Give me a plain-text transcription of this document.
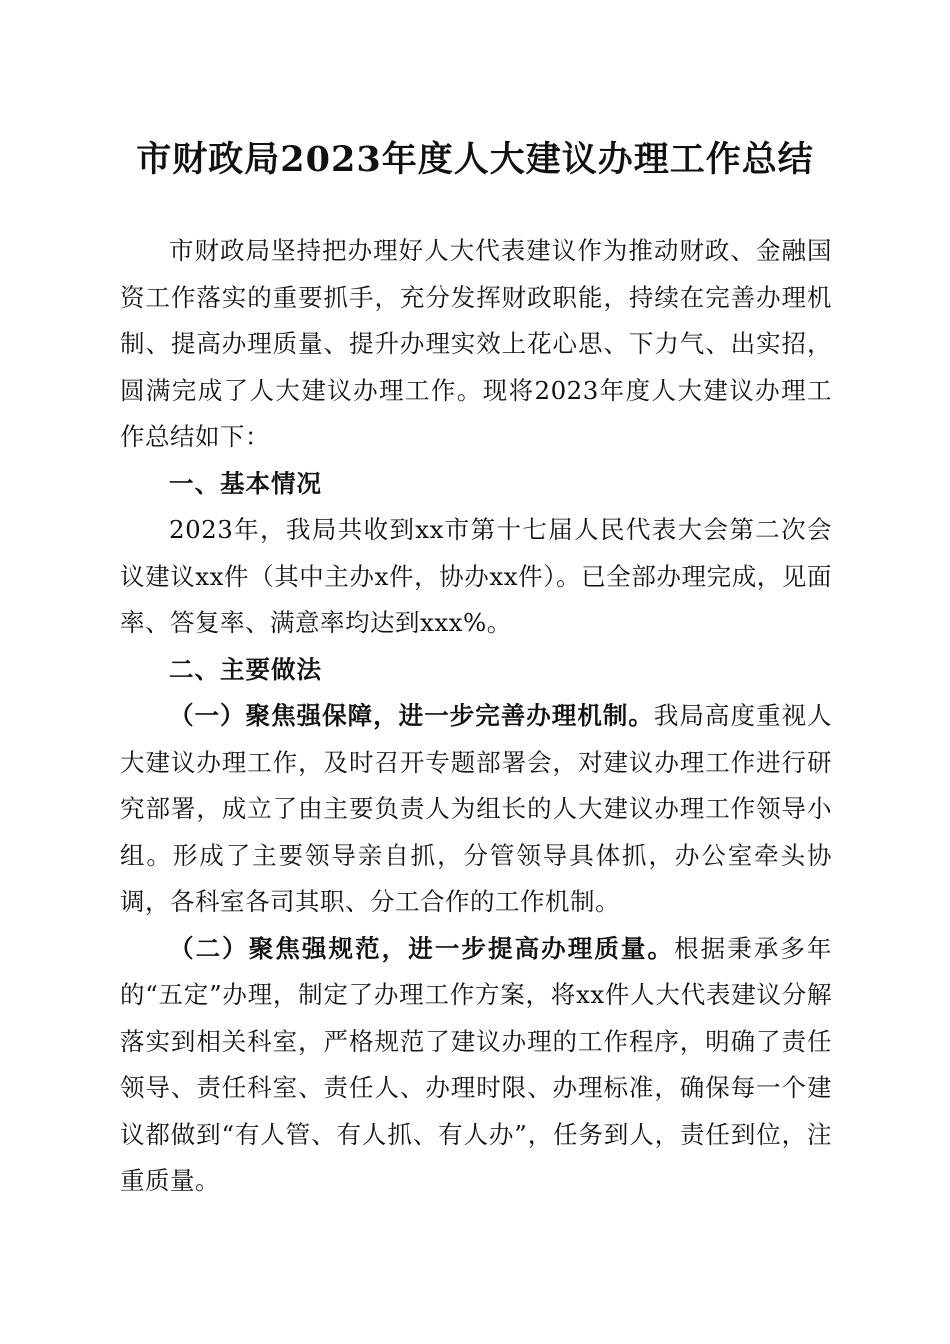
市财政局2023年度人大建议办理工作总结

市财政局坚持把办理好人大代表建议作为推动财政、金融国资工作落实的重要抓手，充分发挥财政职能，持续在完善办理机制、提高办理质量、提升办理实效上花心思、下力气、出实招，圆满完成了人大建议办理工作。现将2023年度人大建议办理工作总结如下：

一、基本情况

2023年，我局共收到xx市第十七届人民代表大会第二次会议建议xx件（其中主办x件，协办xx件）。已全部办理完成，见面率、答复率、满意率均达到xxx%。

二、主要做法

（一）聚焦强保障，进一步完善办理机制。我局高度重视人大建议办理工作，及时召开专题部署会，对建议办理工作进行研究部署，成立了由主要负责人为组长的人大建议办理工作领导小组。形成了主要领导亲自抓，分管领导具体抓，办公室牵头协调，各科室各司其职、分工合作的工作机制。

（二）聚焦强规范，进一步提高办理质量。根据秉承多年的“五定”办理，制定了办理工作方案，将xx件人大代表建议分解落实到相关科室，严格规范了建议办理的工作程序，明确了责任领导、责任科室、责任人、办理时限、办理标准，确保每一个建议都做到“有人管、有人抓、有人办”，任务到人，责任到位，注重质量。
